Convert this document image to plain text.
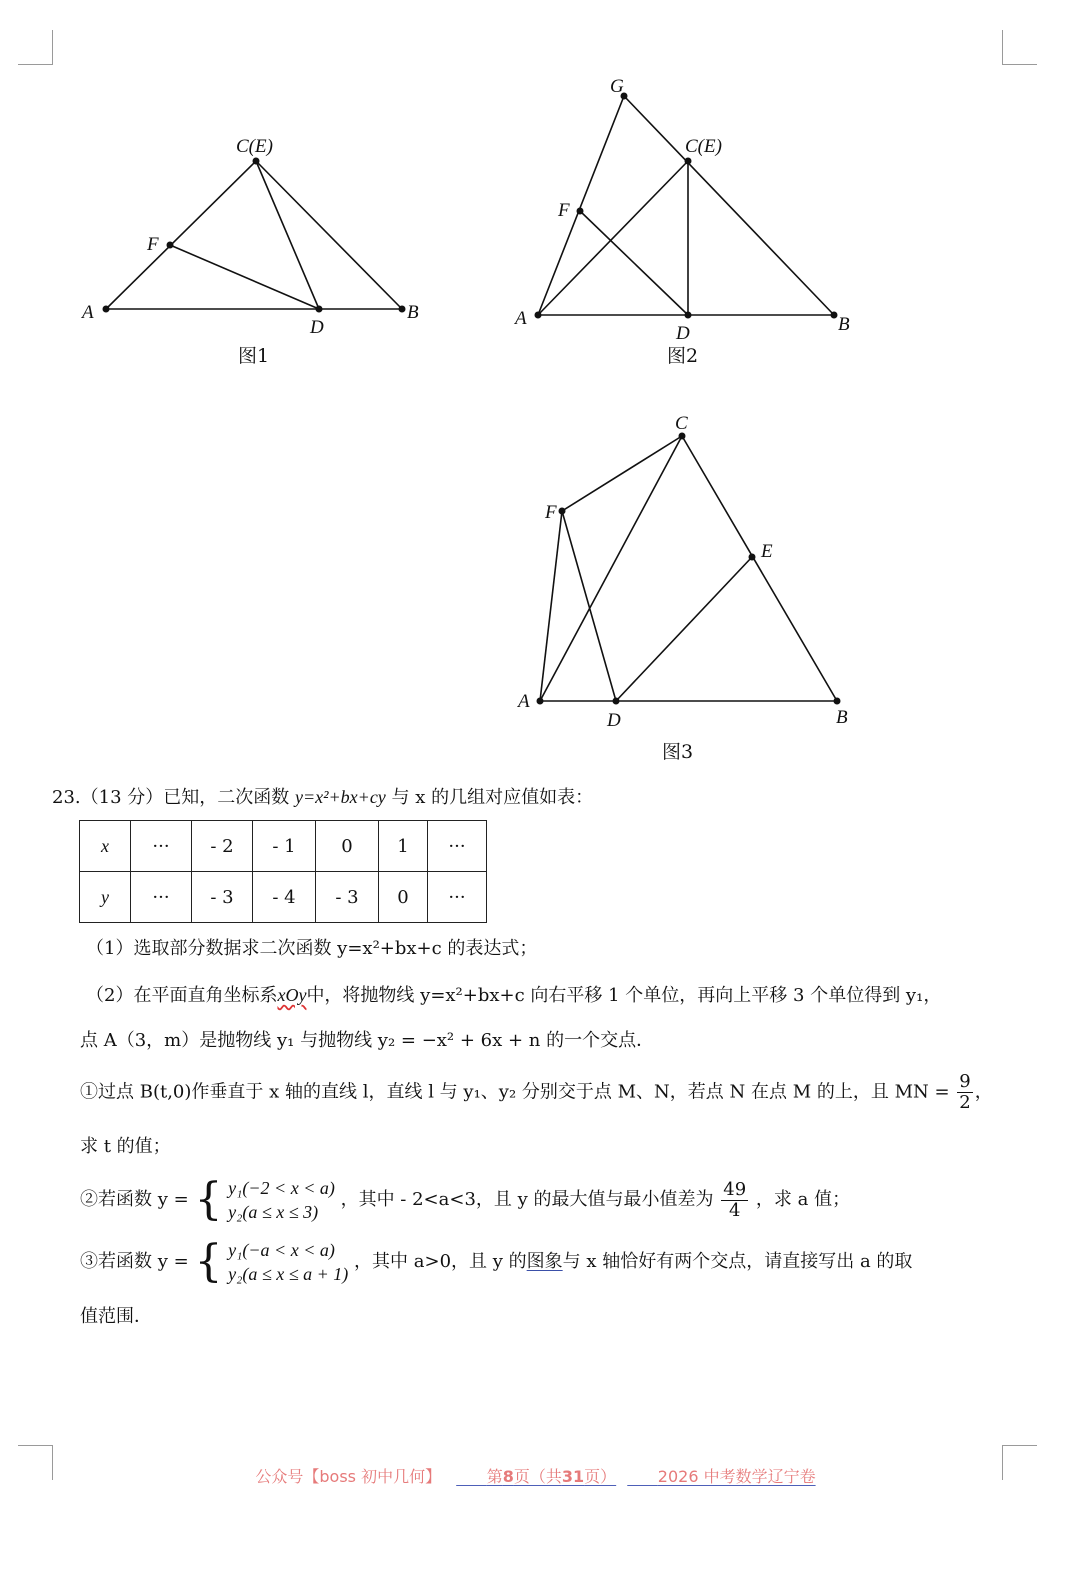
A	B
C(E)
D
F
图1
A	B
C(E)
D
F
G
图2
A
B
C
D
E
F
图3
23.（13 分）已知，二次函数 y=x²+bx+cy 与 x 的几组对应值如表：
x	···	- 2	- 1	0	1	···
y	···	- 3	- 4	- 3	0	···
（1）选取部分数据求二次函数 y=x²+bx+c 的表达式；
（2）在平面直角坐标系xOy中，将抛物线 y=x²+bx+c 向右平移 1 个单位，再向上平移 3 个单位得到 y₁，
点 A（3，m）是抛物线 y₁ 与抛物线 y₂ = −x² + 6x + n 的一个交点．
①过点 B(t,0)作垂直于 x 轴的直线 l，直线 l 与 y₁、y₂ 分别交于点 M、N，若点 N 在点 M 的上，且 MN = $\frac{9}{2}$ ，
求 t 的值；
②若函数 y = { y₁(−2 < x < a)
y₂(a ≤ x ≤ 3)
，其中 - 2<a<3，且 y 的最大值与最小值差为 $\frac{49}{4}$ ，求 a 值；
③若函数 y = { y₁(−a < x < a)
y₂(a ≤ x ≤ a + 1)
，其中 a>0，且 y 的图象与 x 轴恰好有两个交点，请直接写出 a 的取
值范围．
公众号【boss 初中几何】	第8页（共31页）	2026 中考数学辽宁卷
